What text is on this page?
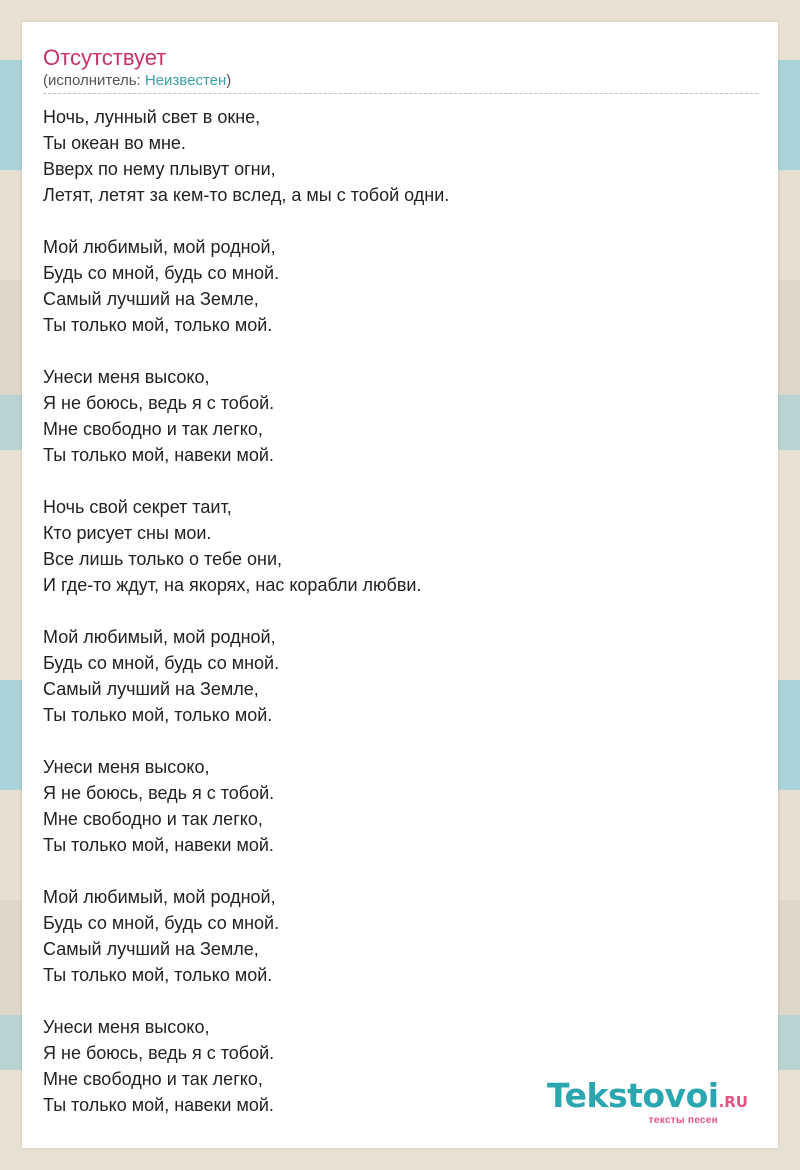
Отсутствует
(исполнитель: Неизвестен)
Ночь, лунный свет в окне,
Ты океан во мне.
Вверх по нему плывут огни,
Летят, летят за кем-то вслед, а мы с тобой одни.
Мой любимый, мой родной,
Будь со мной, будь со мной.
Самый лучший на Земле,
Ты только мой, только мой.
Унеси меня высоко,
Я не боюсь, ведь я с тобой.
Мне свободно и так легко,
Ты только мой, навеки мой.
Ночь свой секрет таит,
Кто рисует сны мои.
Все лишь только о тебе они,
И где-то ждут, на якорях, нас корабли любви.
Мой любимый, мой родной,
Будь со мной, будь со мной.
Самый лучший на Земле,
Ты только мой, только мой.
Унеси меня высоко,
Я не боюсь, ведь я с тобой.
Мне свободно и так легко,
Ты только мой, навеки мой.
Мой любимый, мой родной,
Будь со мной, будь со мной.
Самый лучший на Земле,
Ты только мой, только мой.
Унеси меня высоко,
Я не боюсь, ведь я с тобой.
Мне свободно и так легко,
Ты только мой, навеки мой.	Tekstovoi.RU
тексты песен
